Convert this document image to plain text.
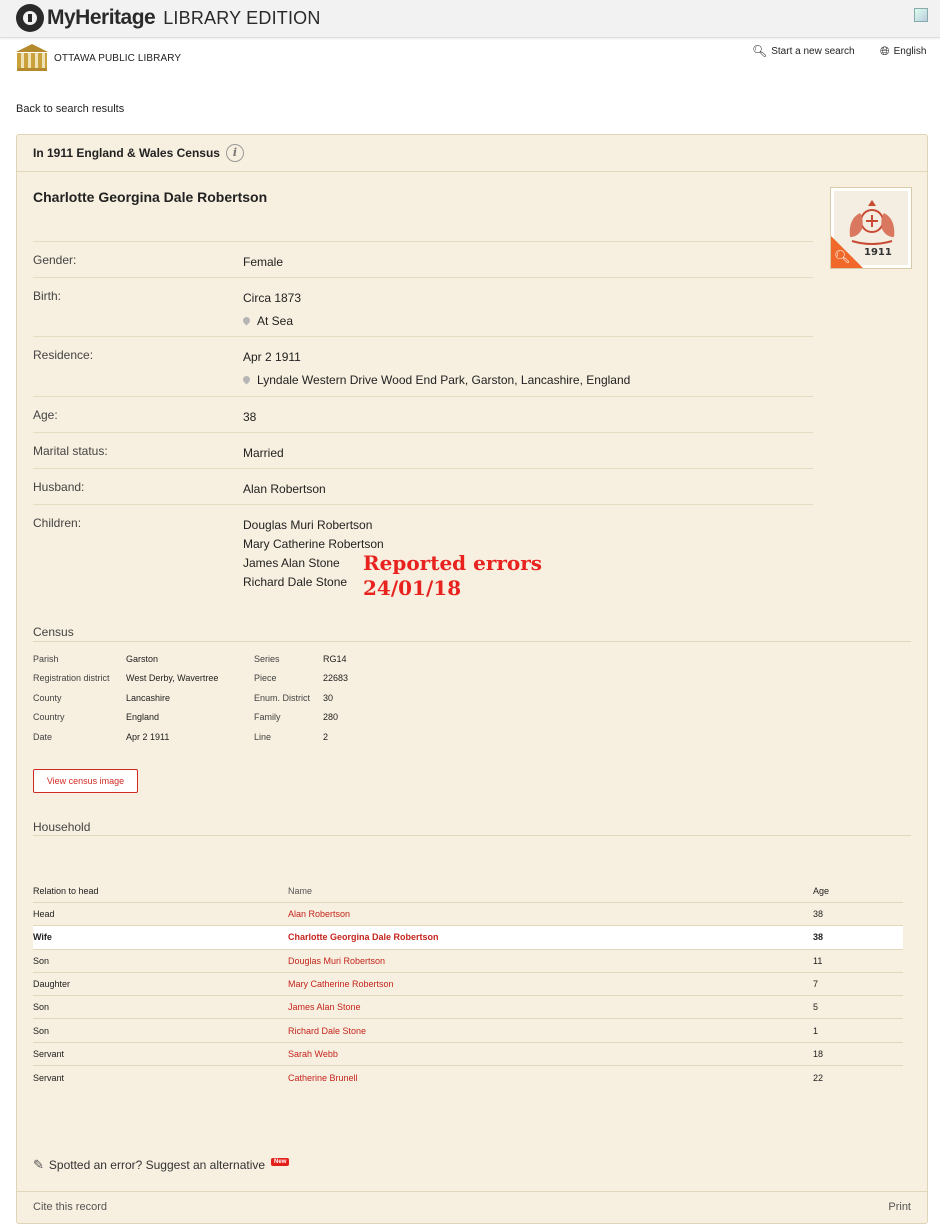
MyHeritage LIBRARY EDITION
OTTAWA PUBLIC LIBRARY
🔍︎ Start a new search 🌐︎ English
Back to search results
In 1911 England & Wales Census	i
Charlotte Georgina Dale Robertson
1911
🔍︎
Gender:	Female
Birth:	Circa 1873
At Sea
Residence:	Apr 2 1911
Lyndale Western Drive Wood End Park, Garston, Lancashire, England
Age:	38
Marital status:	Married
Husband:	Alan Robertson
Children:	Douglas Muri Robertson
Mary Catherine Robertson
James Alan Stone
Richard Dale Stone
Reported errors
24/01/18
Census
Parish	Garston	Series	RG14
Registration district	West Derby, Wavertree	Piece	22683
County	Lancashire	Enum. District	30
Country	England	Family	280
Date	Apr 2 1911	Line	2
View census image
Household
Relation to head	Name	Age
Head	Alan Robertson	38
Wife	Charlotte Georgina Dale Robertson	38
Son	Douglas Muri Robertson	11
Daughter	Mary Catherine Robertson	7
Son	James Alan Stone	5
Son	Richard Dale Stone	1
Servant	Sarah Webb	18
Servant	Catherine Brunell	22
✎ Spotted an error? Suggest an alternative	New
Cite this record	Print
